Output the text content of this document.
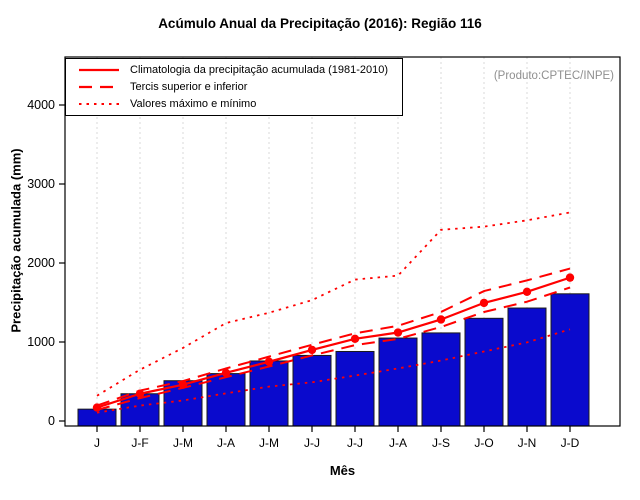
Acúmulo Anual da Precipitação (2016): Região 116
0
1000
2000
3000
4000
J	J-F J-M J-A J-M J-J J-J J-A J-S J-O J-N J-D
Climatologia da precipitação acumulada (1981-2010)
Tercis superior e inferior
Valores máximo e mínimo
(Produto:CPTEC/INPE)
Precipitação acumulada (mm)
Mês
